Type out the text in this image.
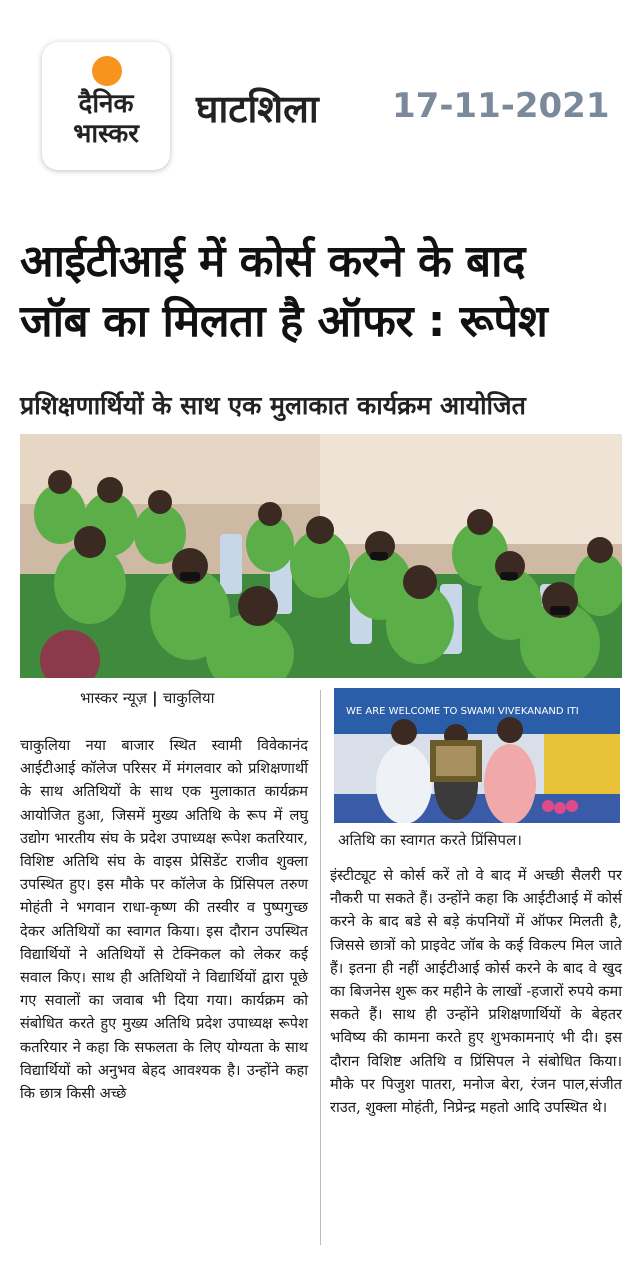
दैनिक
भास्कर
घाटशिला 17-11-2021
आईटीआई में कोर्स करने के बाद
जॉब का मिलता है ऑफर : रूपेश
प्रशिक्षणार्थियों के साथ एक मुलाकात कार्यक्रम आयोजित
भास्कर न्यूज़ | चाकुलिया
चाकुलिया नया बाजार स्थित स्वामी विवेकानंद आईटीआई कॉलेज परिसर में मंगलवार को प्रशिक्षणार्थी के साथ अतिथियों के साथ एक मुलाकात कार्यक्रम आयोजित हुआ, जिसमें मुख्य अतिथि के रूप में लघु उद्योग भारतीय संघ के प्रदेश उपाध्यक्ष रूपेश कतरियार, विशिष्ट अतिथि संघ के वाइस प्रेसिडेंट राजीव शुक्ला उपस्थित हुए। इस मौके पर कॉलेज के प्रिंसिपल तरुण मोहंती ने भगवान राधा-कृष्ण की तस्वीर व पुष्पगुच्छ देकर अतिथियों का स्वागत किया। इस दौरान उपस्थित विद्यार्थियों ने अतिथियों से टेक्निकल को लेकर कई सवाल किए। साथ ही अतिथियों ने विद्यार्थियों द्वारा पूछे गए सवालों का जवाब भी दिया गया। कार्यक्रम को संबोधित करते हुए मुख्य अतिथि प्रदेश उपाध्यक्ष रूपेश कतरियार ने कहा कि सफलता के लिए योग्यता के साथ विद्यार्थियों को अनुभव बेहद आवश्यक है। उन्होंने कहा कि छात्र किसी अच्छे
WE ARE WELCOME TO SWAMI VIVEKANAND ITI
अतिथि का स्वागत करते प्रिंसिपल।
इंस्टीट्यूट से कोर्स करें तो वे बाद में अच्छी सैलरी पर नौकरी पा सकते हैं। उन्होंने कहा कि आईटीआई में कोर्स करने के बाद बडे से बड़े कंपनियों में ऑफर मिलती है, जिससे छात्रों को प्राइवेट जॉब के कई विकल्प मिल जाते हैं। इतना ही नहीं आईटीआई कोर्स करने के बाद वे खुद का बिजनेस शुरू कर महीने के लाखों -हजारों रुपये कमा सकते हैं। साथ ही उन्होंने प्रशिक्षणार्थियों के बेहतर भविष्य की कामना करते हुए शुभकामनाएं भी दी। इस दौरान विशिष्ट अतिथि व प्रिंसिपल ने संबोधित किया। मौके पर पिजुश पातरा, मनोज बेरा, रंजन पाल,संजीत राउत, शुक्ला मोहंती, निप्रेन्द्र महतो आदि उपस्थित थे।
